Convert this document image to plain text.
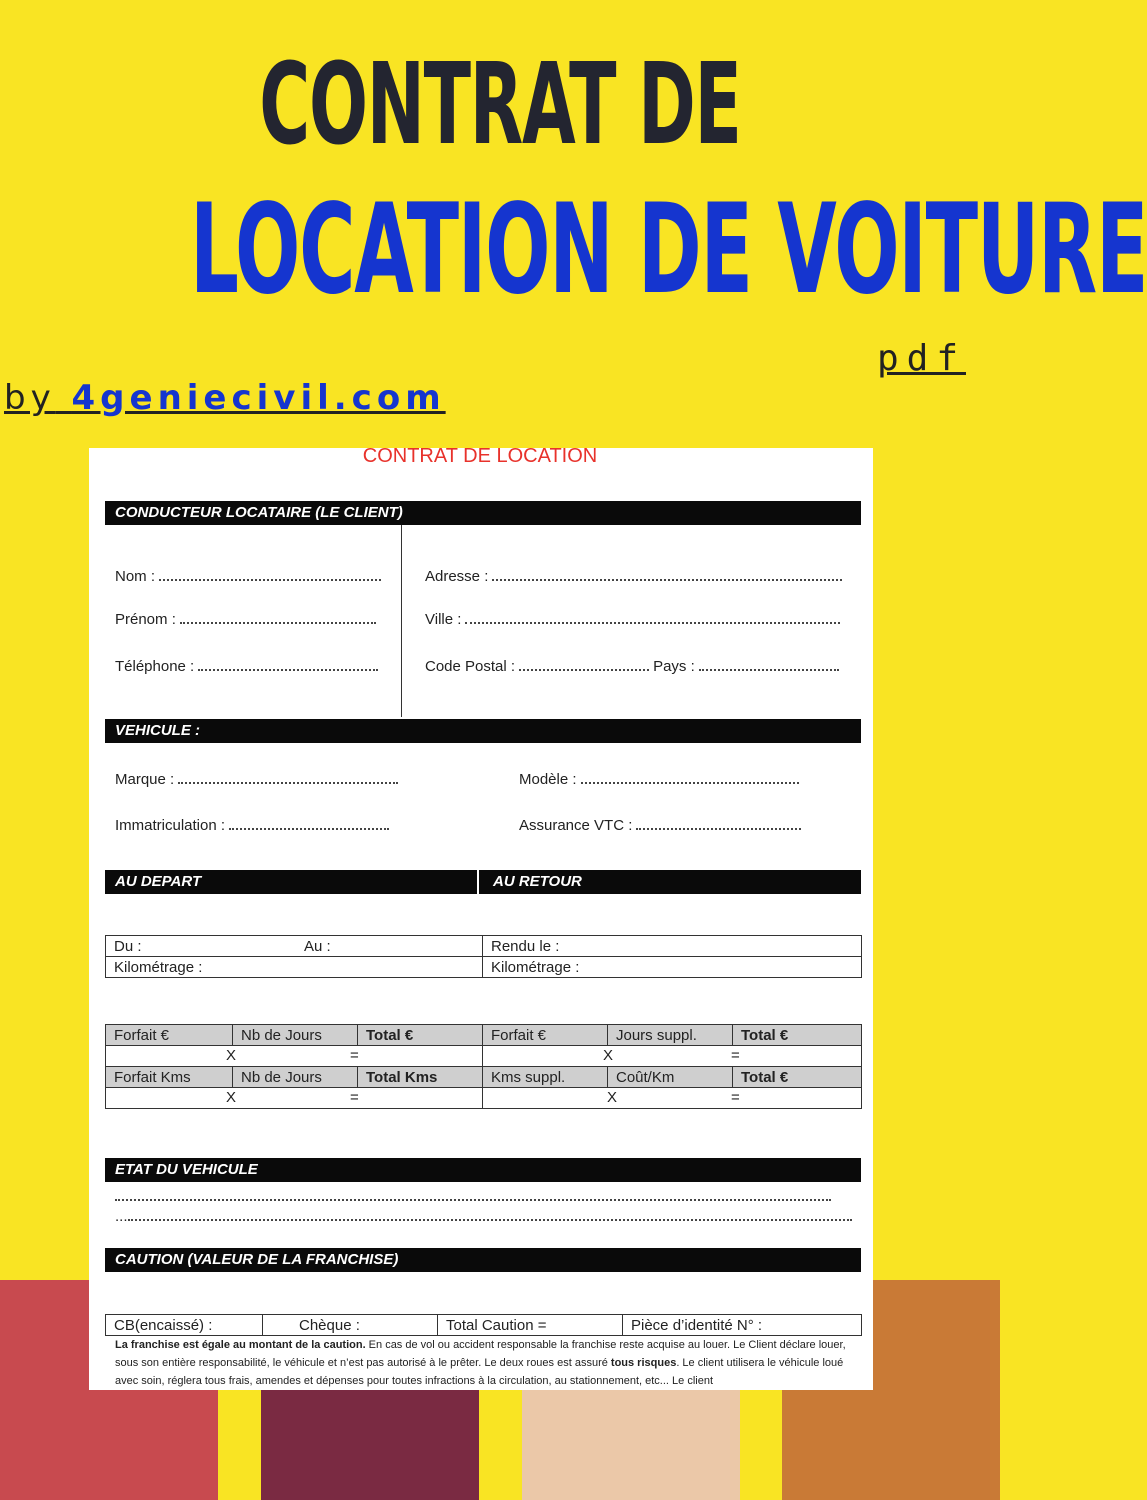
CONTRAT DE
LOCATION DE VOITURE
pdf
by 4geniecivil.com
CONTRAT DE LOCATION
CONDUCTEUR LOCATAIRE (LE CLIENT)
Nom :
Prénom :
Téléphone :
Adresse :
Ville :
Code Postal :	Pays :
VEHICULE :
Marque :
Immatriculation :
Modèle :
Assurance VTC :
AU DEPART	AU RETOUR
Du : Au :	Rendu le :
Kilométrage :	Kilométrage :
Forfait €	Nb de Jours	Total €	Forfait €	Jours suppl.	Total €

X =			X =		

Forfait Kms	Nb de Jours	Total Kms	Kms suppl.	Coût/Km	Total €

X =			X =		
ETAT DU VEHICULE
...
CAUTION (VALEUR DE LA FRANCHISE)
CB(encaissé) :	Chèque :	Total Caution =	Pièce d’identité N° :
La franchise est égale au montant de la caution. En cas de vol ou accident responsable la franchise reste acquise au louer. Le Client déclare louer, sous son entière responsabilité, le véhicule et n’est pas autorisé à le prêter. Le deux roues est assuré tous risques. Le client utilisera le véhicule loué avec soin, réglera tous frais, amendes et dépenses pour toutes infractions à la circulation, au stationnement, etc... Le client
